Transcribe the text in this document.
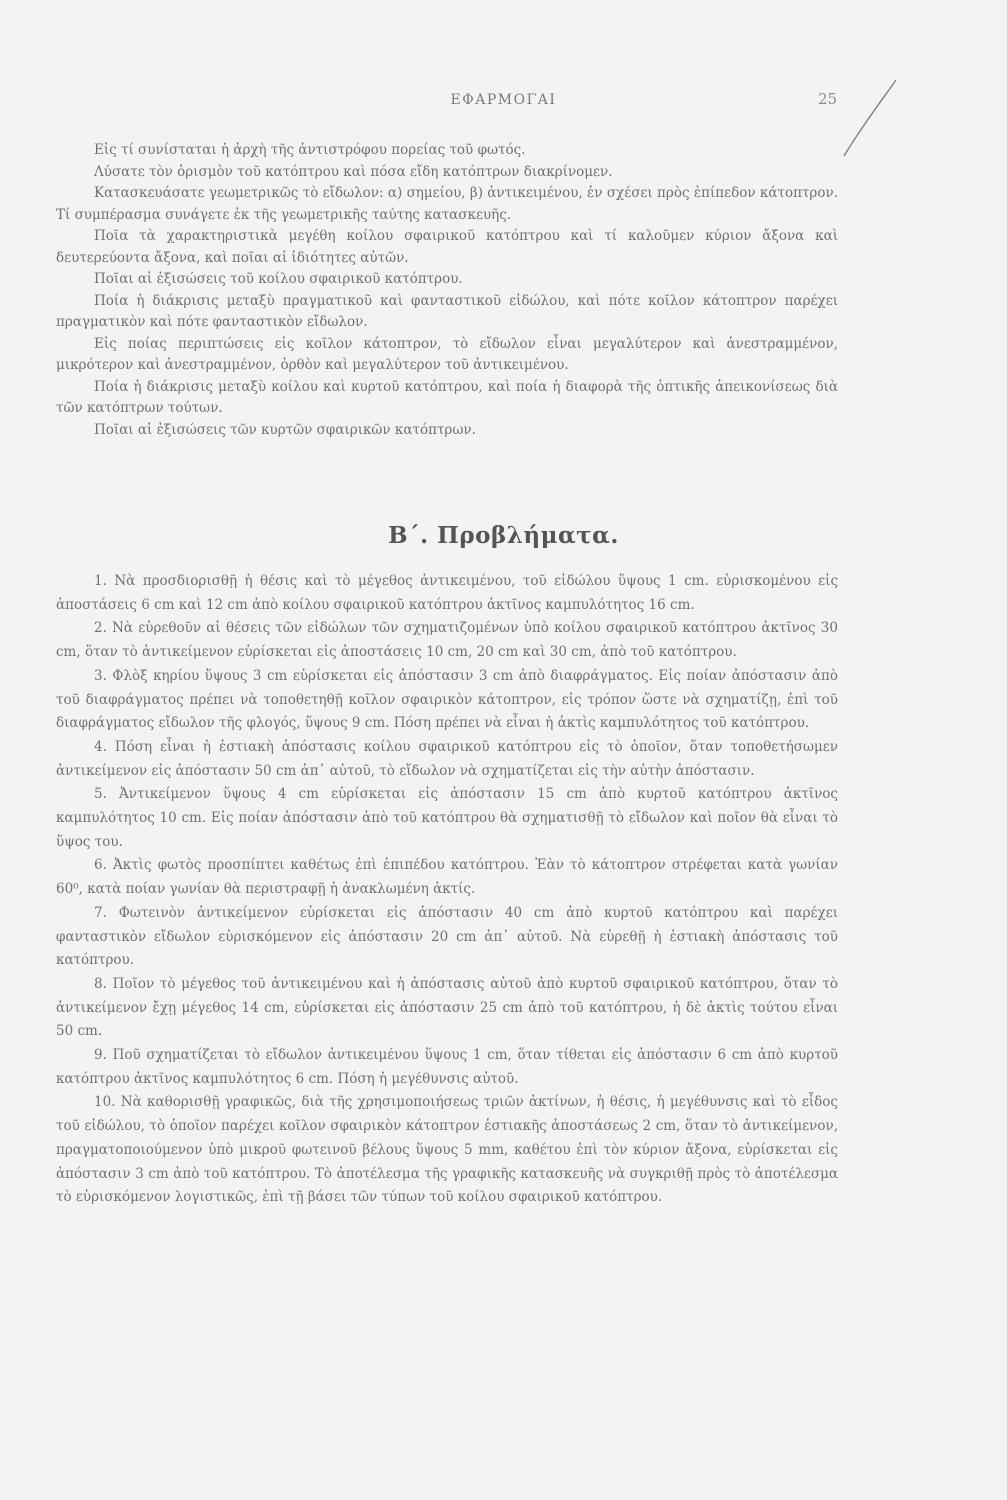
ΕΦΑΡΜΟΓΑΙ	25

Εἰς τί συνίσταται ἡ ἀρχὴ τῆς ἀντιστρόφου πορείας τοῦ φωτός.

Λύσατε τὸν ὁρισμὸν τοῦ κατόπτρου καὶ πόσα εἴδη κατόπτρων διακρίνομεν.

Κατασκευάσατε γεωμετρικῶς τὸ εἴδωλον: α) σημείου, β) ἀντικειμένου, ἐν σχέσει πρὸς ἐπίπεδον κάτοπτρον. Τί συμπέρασμα συνάγετε ἐκ τῆς γεωμετρικῆς ταύτης κατασκευῆς.

Ποῖα τὰ χαρακτηριστικὰ μεγέθη κοίλου σφαιρικοῦ κατόπτρου καὶ τί καλοῦμεν κύριον ἄξονα καὶ δευτερεύοντα ἄξονα, καὶ ποῖαι αἱ ἰδιότητες αὐτῶν.

Ποῖαι αἱ ἐξισώσεις τοῦ κοίλου σφαιρικοῦ κατόπτρου.

Ποία ἡ διάκρισις μεταξὺ πραγματικοῦ καὶ φανταστικοῦ εἰδώλου, καὶ πότε κοῖλον κάτοπτρον παρέχει πραγματικὸν καὶ πότε φανταστικὸν εἴδωλον.

Εἰς ποίας περιπτώσεις εἰς κοῖλον κάτοπτρον, τὸ εἴδωλον εἶναι μεγαλύτερον καὶ ἀνεστραμμένον, μικρότερον καὶ ἀνεστραμμένον, ὀρθὸν καὶ μεγαλύτερον τοῦ ἀντικειμένου.

Ποία ἡ διάκρισις μεταξὺ κοίλου καὶ κυρτοῦ κατόπτρου, καὶ ποία ἡ διαφορὰ τῆς ὀπτικῆς ἀπεικονίσεως διὰ τῶν κατόπτρων τούτων.

Ποῖαι αἱ ἐξισώσεις τῶν κυρτῶν σφαιρικῶν κατόπτρων.

Β΄. Προβλήματα.

1. Νὰ προσδιορισθῇ ἡ θέσις καὶ τὸ μέγεθος ἀντικειμένου, τοῦ εἰδώλου ὕψους 1 cm. εὑρισκομένου εἰς ἀποστάσεις 6 cm καὶ 12 cm ἀπὸ κοίλου σφαιρικοῦ κατόπτρου ἀκτῖνος καμπυλότητος 16 cm.

2. Νὰ εὑρεθοῦν αἱ θέσεις τῶν εἰδώλων τῶν σχηματιζομένων ὑπὸ κοίλου σφαιρικοῦ κατόπτρου ἀκτῖνος 30 cm, ὅταν τὸ ἀντικείμενον εὑρίσκεται εἰς ἀποστάσεις 10 cm, 20 cm καὶ 30 cm, ἀπὸ τοῦ κατόπτρου.

3. Φλὸξ κηρίου ὕψους 3 cm εὑρίσκεται εἰς ἀπόστασιν 3 cm ἀπὸ διαφράγματος. Εἰς ποίαν ἀπόστασιν ἀπὸ τοῦ διαφράγματος πρέπει νὰ τοποθετηθῇ κοῖλον σφαιρικὸν κάτοπτρον, εἰς τρόπον ὥστε νὰ σχηματίζῃ, ἐπὶ τοῦ διαφράγματος εἴδωλον τῆς φλογός, ὕψους 9 cm. Πόση πρέπει νὰ εἶναι ἡ ἀκτὶς καμπυλότητος τοῦ κατόπτρου.

4. Πόση εἶναι ἡ ἑστιακὴ ἀπόστασις κοίλου σφαιρικοῦ κατόπτρου εἰς τὸ ὁποῖον, ὅταν τοποθετήσωμεν ἀντικείμενον εἰς ἀπόστασιν 50 cm ἀπ᾽ αὐτοῦ, τὸ εἴδωλον νὰ σχηματίζεται εἰς τὴν αὐτὴν ἀπόστασιν.

5. Ἀντικείμενον ὕψους 4 cm εὑρίσκεται εἰς ἀπόστασιν 15 cm ἀπὸ κυρτοῦ κατόπτρου ἀκτῖνος καμπυλότητος 10 cm. Εἰς ποίαν ἀπόστασιν ἀπὸ τοῦ κατόπτρου θὰ σχηματισθῇ τὸ εἴδωλον καὶ ποῖον θὰ εἶναι τὸ ὕψος του.

6. Ἀκτὶς φωτὸς προσπίπτει καθέτως ἐπὶ ἐπιπέδου κατόπτρου. Ἐὰν τὸ κάτοπτρον στρέφεται κατὰ γωνίαν 60⁰, κατὰ ποίαν γωνίαν θὰ περιστραφῇ ἡ ἀνακλωμένη ἀκτίς.

7. Φωτεινὸν ἀντικείμενον εὑρίσκεται εἰς ἀπόστασιν 40 cm ἀπὸ κυρτοῦ κατόπτρου καὶ παρέχει φανταστικὸν εἴδωλον εὑρισκόμενον εἰς ἀπόστασιν 20 cm ἀπ᾽ αὐτοῦ. Νὰ εὑρεθῇ ἡ ἑστιακὴ ἀπόστασις τοῦ κατόπτρου.

8. Ποῖον τὸ μέγεθος τοῦ ἀντικειμένου καὶ ἡ ἀπόστασις αὐτοῦ ἀπὸ κυρτοῦ σφαιρικοῦ κατόπτρου, ὅταν τὸ ἀντικείμενον ἔχῃ μέγεθος 14 cm, εὑρίσκεται εἰς ἀπόστασιν 25 cm ἀπὸ τοῦ κατόπτρου, ἡ δὲ ἀκτὶς τούτου εἶναι 50 cm.

9. Ποῦ σχηματίζεται τὸ εἴδωλον ἀντικειμένου ὕψους 1 cm, ὅταν τίθεται εἰς ἀπόστασιν 6 cm ἀπὸ κυρτοῦ κατόπτρου ἀκτῖνος καμπυλότητος 6 cm. Πόση ἡ μεγέθυνσις αὐτοῦ.

10. Νὰ καθορισθῇ γραφικῶς, διὰ τῆς χρησιμοποιήσεως τριῶν ἀκτίνων, ἡ θέσις, ἡ μεγέθυνσις καὶ τὸ εἶδος τοῦ εἰδώλου, τὸ ὁποῖον παρέχει κοῖλον σφαιρικὸν κάτοπτρον ἑστιακῆς ἀποστάσεως 2 cm, ὅταν τὸ ἀντικείμενον, πραγματοποιούμενον ὑπὸ μικροῦ φωτεινοῦ βέλους ὕψους 5 mm, καθέτου ἐπὶ τὸν κύριον ἄξονα, εὑρίσκεται εἰς ἀπόστασιν 3 cm ἀπὸ τοῦ κατόπτρου. Τὸ ἀποτέλεσμα τῆς γραφικῆς κατασκευῆς νὰ συγκριθῇ πρὸς τὸ ἀποτέλεσμα τὸ εὑρισκόμενον λογιστικῶς, ἐπὶ τῇ βάσει τῶν τύπων τοῦ κοίλου σφαιρικοῦ κατόπτρου.
